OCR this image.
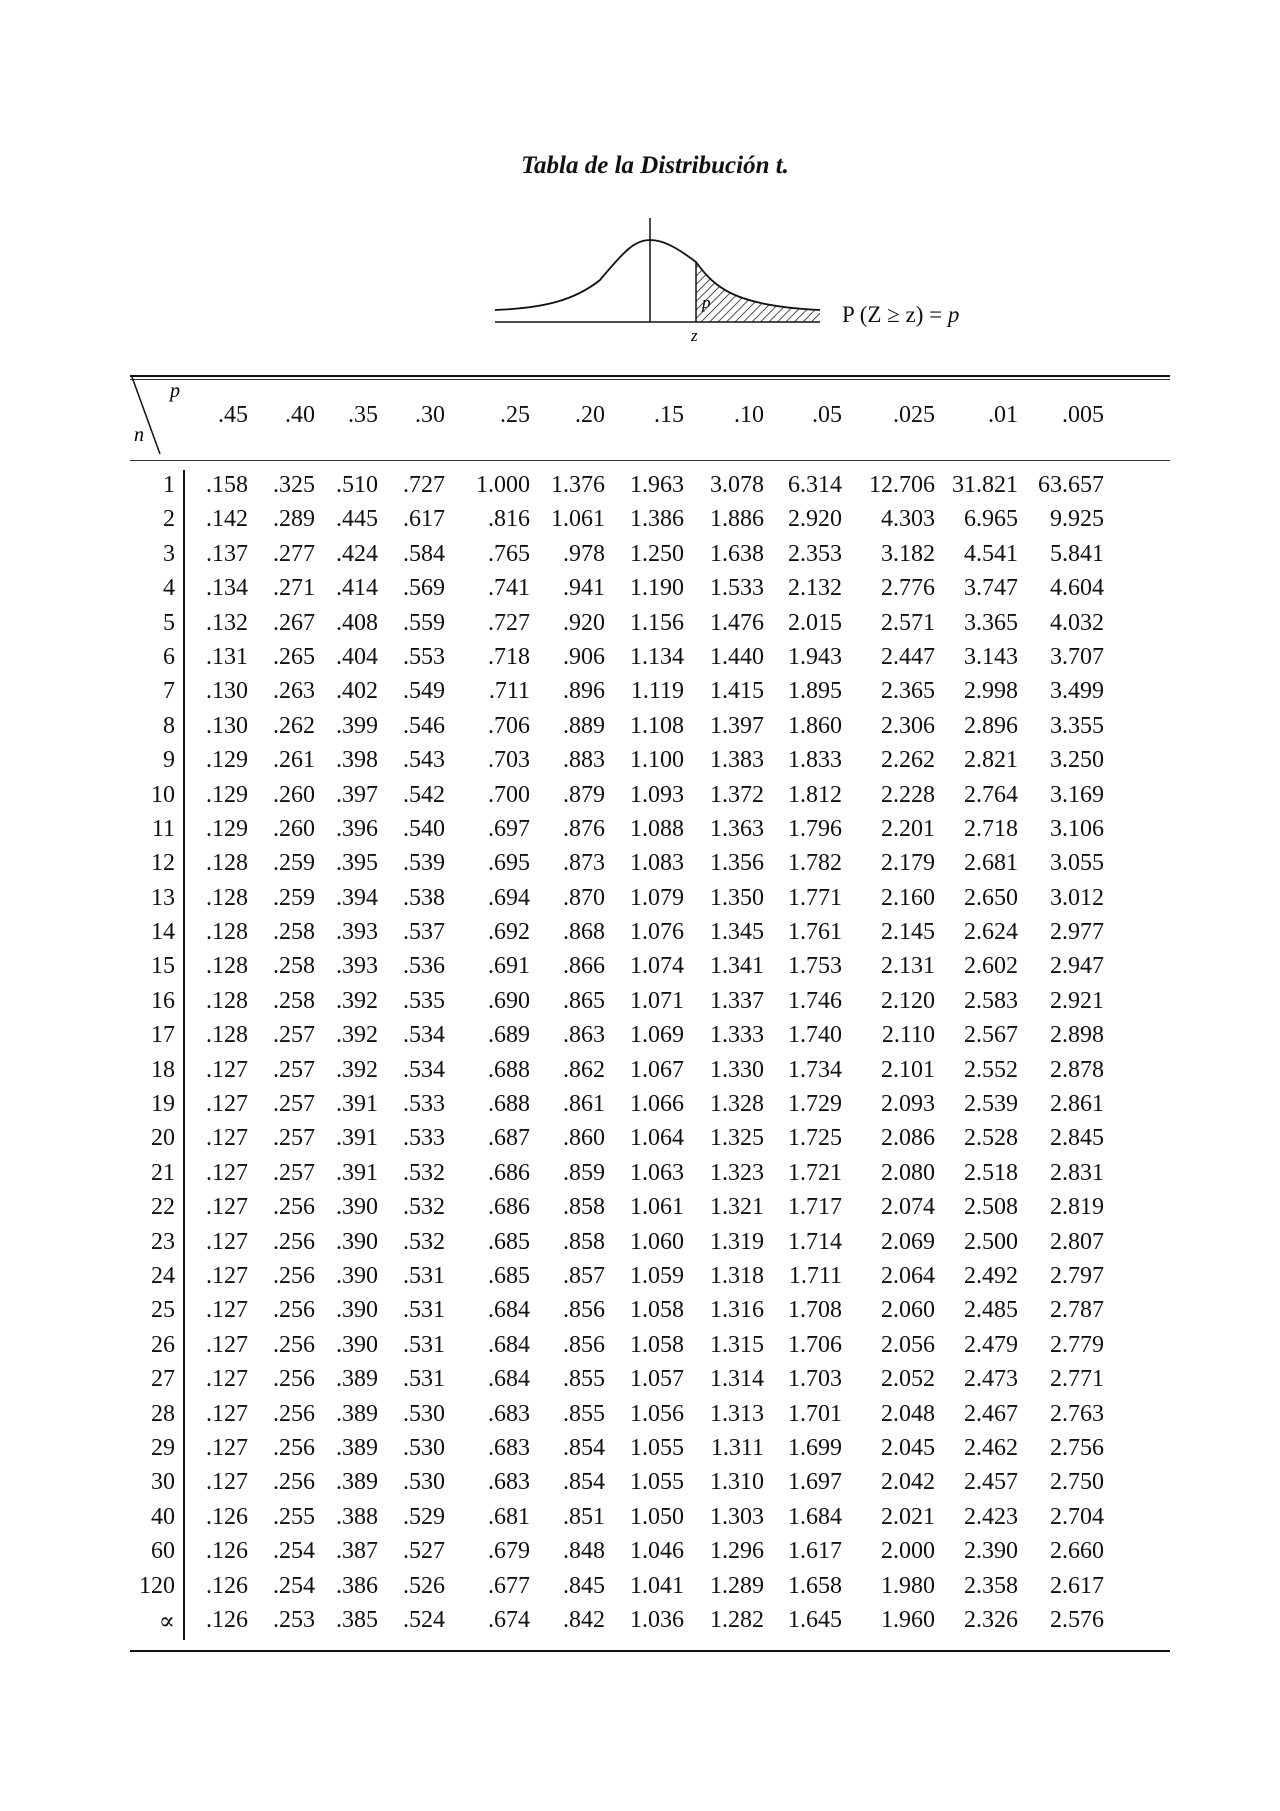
Tabla de la Distribución t.
p
z
P (Z ≥ z) = p
p
n
.45	.40	.35	.30	.25	.20	.15	.10	.05	.025	.01	.005
1	.158	.325 .510	.727	1.000 1.376	1.963	3.078	6.314	12.706 31.821 63.657
2	.142	.289 .445	.617	.816 1.061	1.386	1.886	2.920	4.303	6.965	9.925
3	.137	.277 .424	.584	.765	.978	1.250	1.638	2.353	3.182	4.541	5.841
4	.134	.271 .414	.569	.741	.941	1.190	1.533	2.132	2.776	3.747	4.604
5	.132	.267 .408	.559	.727	.920	1.156	1.476	2.015	2.571	3.365	4.032
6	.131	.265 .404	.553	.718	.906	1.134	1.440	1.943	2.447	3.143	3.707
7	.130	.263 .402	.549	.711	.896	1.119	1.415	1.895	2.365	2.998	3.499
8	.130	.262 .399	.546	.706	.889	1.108	1.397	1.860	2.306	2.896	3.355
9	.129	.261 .398	.543	.703	.883	1.100	1.383	1.833	2.262	2.821	3.250
10	.129	.260 .397	.542	.700	.879	1.093	1.372	1.812	2.228	2.764	3.169
11	.129	.260 .396	.540	.697	.876	1.088	1.363	1.796	2.201	2.718	3.106
12	.128	.259 .395	.539	.695	.873	1.083	1.356	1.782	2.179	2.681	3.055
13	.128	.259 .394	.538	.694	.870	1.079	1.350	1.771	2.160	2.650	3.012
14	.128	.258 .393	.537	.692	.868	1.076	1.345	1.761	2.145	2.624	2.977
15	.128	.258 .393	.536	.691	.866	1.074	1.341	1.753	2.131	2.602	2.947
16	.128	.258 .392	.535	.690	.865	1.071	1.337	1.746	2.120	2.583	2.921
17	.128	.257 .392	.534	.689	.863	1.069	1.333	1.740	2.110	2.567	2.898
18	.127	.257 .392	.534	.688	.862	1.067	1.330	1.734	2.101	2.552	2.878
19	.127	.257 .391	.533	.688	.861	1.066	1.328	1.729	2.093	2.539	2.861
20	.127	.257 .391	.533	.687	.860	1.064	1.325	1.725	2.086	2.528	2.845
21	.127	.257 .391	.532	.686	.859	1.063	1.323	1.721	2.080	2.518	2.831
22	.127	.256 .390	.532	.686	.858	1.061	1.321	1.717	2.074	2.508	2.819
23	.127	.256 .390	.532	.685	.858	1.060	1.319	1.714	2.069	2.500	2.807
24	.127	.256 .390	.531	.685	.857	1.059	1.318	1.711	2.064	2.492	2.797
25	.127	.256 .390	.531	.684	.856	1.058	1.316	1.708	2.060	2.485	2.787
26	.127	.256 .390	.531	.684	.856	1.058	1.315	1.706	2.056	2.479	2.779
27	.127	.256 .389	.531	.684	.855	1.057	1.314	1.703	2.052	2.473	2.771
28	.127	.256 .389	.530	.683	.855	1.056	1.313	1.701	2.048	2.467	2.763
29	.127	.256 .389	.530	.683	.854	1.055	1.311	1.699	2.045	2.462	2.756
30	.127	.256 .389	.530	.683	.854	1.055	1.310	1.697	2.042	2.457	2.750
40	.126	.255 .388	.529	.681	.851	1.050	1.303	1.684	2.021	2.423	2.704
60	.126	.254 .387	.527	.679	.848	1.046	1.296	1.617	2.000	2.390	2.660
120	.126	.254 .386	.526	.677	.845	1.041	1.289	1.658	1.980	2.358	2.617
∝	.126	.253 .385	.524	.674	.842	1.036	1.282	1.645	1.960	2.326	2.576
